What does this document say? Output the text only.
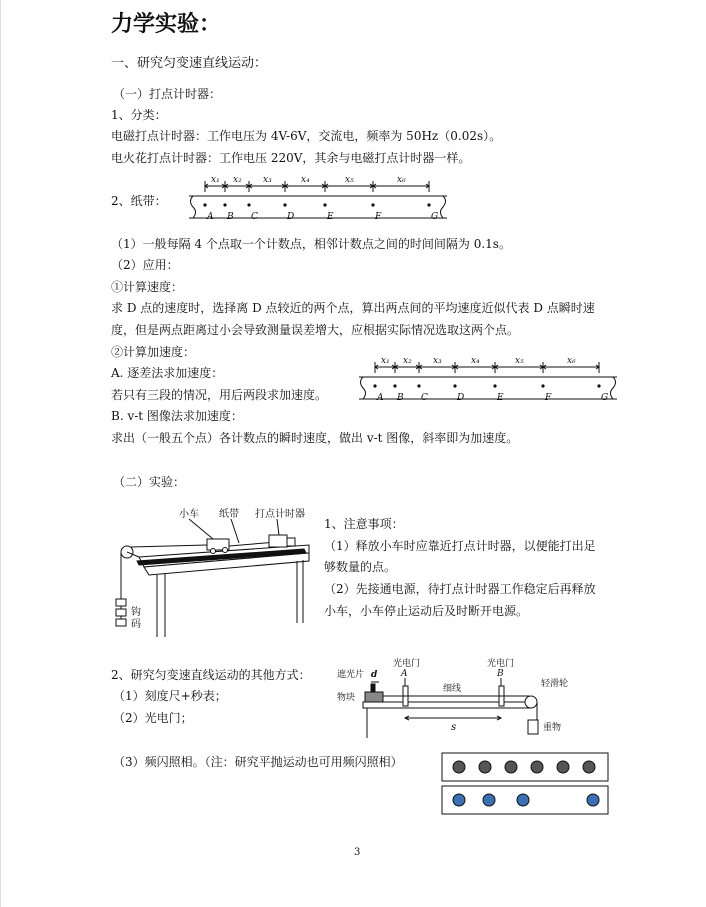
力学实验：
一、研究匀变速直线运动：
（一）打点计时器：
1、分类：
电磁打点计时器：工作电压为 4V-6V，交流电，频率为 50Hz（0.02s）。
电火花打点计时器：工作电压 220V，其余与电磁打点计时器一样。
2、纸带：
A B C	D	E	F	G
x₁ x₂ x₃	x₄	x₅	x₆
（1）一般每隔 4 个点取一个计数点，相邻计数点之间的时间间隔为 0.1s。
（2）应用：
①计算速度：
求 D 点的速度时，选择离 D 点较近的两个点，算出两点间的平均速度近似代表 D 点瞬时速
度，但是两点距离过小会导致测量误差增大，应根据实际情况选取这两个点。
②计算加速度：
A. 逐差法求加速度：
若只有三段的情况，用后两段求加速度。
B. v-t 图像法求加速度：
求出（一般五个点）各计数点的瞬时速度，做出 v-t 图像，斜率即为加速度。
A B C	D	E	F	G
x₁ x₂ x₃	x₄	x₅	x₆
（二）实验：
小车 纸带 打点计时器
钩
码
1、注意事项：
（1）释放小车时应靠近打点计时器，以便能打出足
够数量的点。
（2）先接通电源，待打点计时器工作稳定后再释放
小车，小车停止运动后及时断开电源。
2、研究匀变速直线运动的其他方式：
（1）刻度尺+秒表；
（2）光电门；
遮光片 d
物块
光电门
A
光电门
B
细线	轻滑轮
s	重物
（3）频闪照相。（注：研究平抛运动也可用频闪照相）
3
